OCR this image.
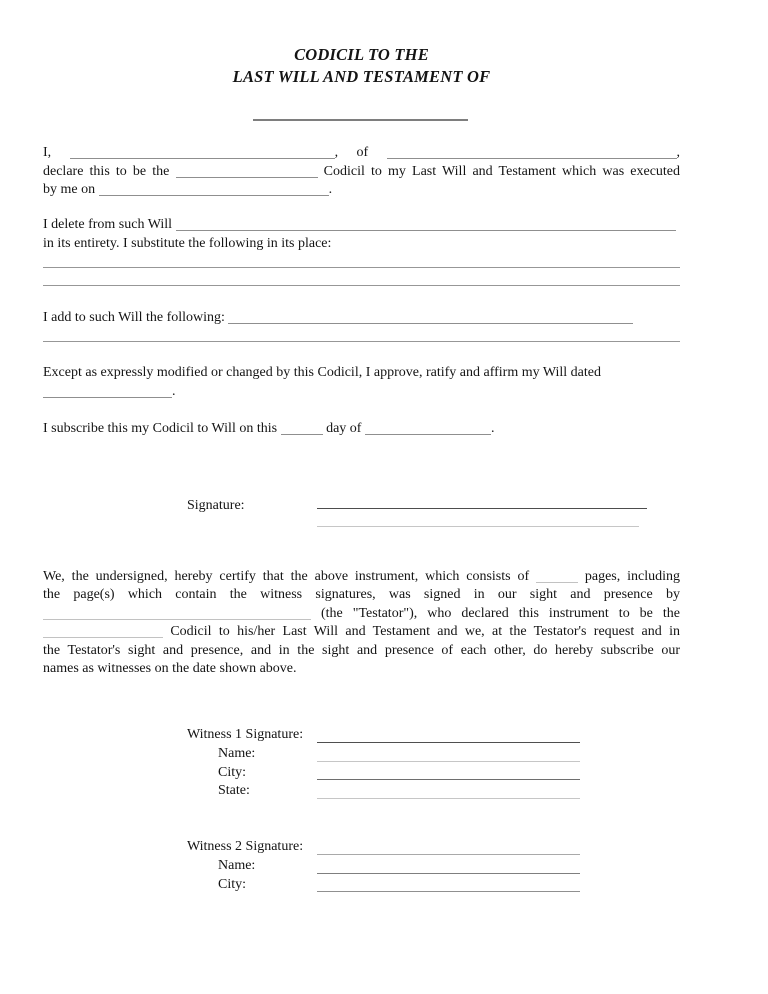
CODICIL TO THE
LAST WILL AND TESTAMENT OF
I,	, of	,
declare this to be the	Codicil to my Last Will and Testament which was executed
by me on	.
I delete from such Will
in its entirety. I substitute the following in its place:
I add to such Will the following:
Except as expressly modified or changed by this Codicil, I approve, ratify and affirm my Will dated
.
I subscribe this my Codicil to Will on this	day of	.
Signature:
We, the undersigned, hereby certify that the above instrument, which consists of	pages, including
the page(s) which contain the witness signatures, was signed in our sight and presence by
(the "Testator"), who declared this instrument to be the
Codicil to his/her Last Will and Testament and we, at the Testator's request and in
the Testator's sight and presence, and in the sight and presence of each other, do hereby subscribe our
names as witnesses on the date shown above.
Witness 1 Signature:
Name:
City:
State:
Witness 2 Signature:
Name:
City:
